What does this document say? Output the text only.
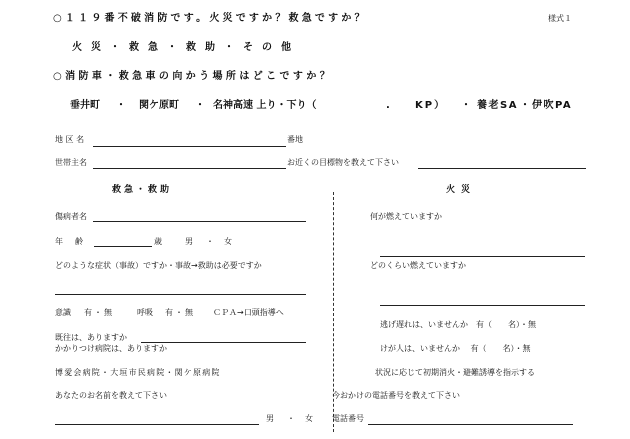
様式１
○１１９番不破消防です。火災ですか？救急ですか？
火災・救急・救助・その他
○消防車・救急車の向かう場所はどこですか？
垂井町 ・ 関ケ原町 ・ 名神高速 上り・下り（	.	KP） ・ 養老SA ・ 伊吹PA
地 区 名	番地
世帯主名	お近くの目標物を教えて下さい
救急・救助	火災
傷病者名
年　齢	歳	男 ・ 女
どのような症状（事故）ですか・事故→救助は必要ですか
意識 有・無	呼吸 有・無 ＣＰＡ→口頭指導へ
既往は、ありますか
かかりつけ病院は、ありますか
博愛会病院・大垣市民病院・関ケ原病院
あなたのお名前を教えて下さい
男 ・ 女
何が燃えていますか
どのくらい燃えていますか
逃げ遅れは、いませんか　有（　　名）・無
けが人は、いませんか　 有（　　名）・無
状況に応じて初期消火・避難誘導を指示する
今おかけの電話番号を教えて下さい
電話番号
